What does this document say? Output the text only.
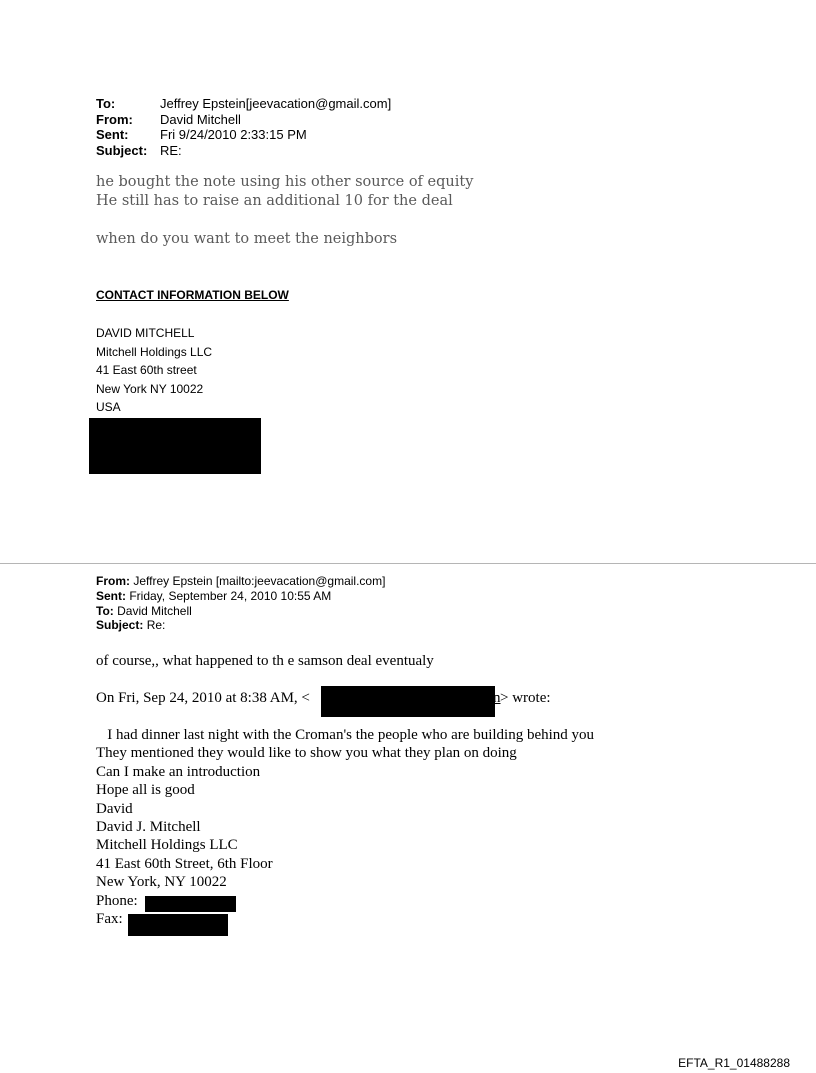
To:	Jeffrey Epstein[jeevacation@gmail.com]
From:	David Mitchell
Sent:	Fri 9/24/2010 2:33:15 PM
Subject: RE:
he bought the note using his other source of equity
He still has to raise an additional 10 for the deal
when do you want to meet the neighbors
CONTACT INFORMATION BELOW
DAVID MITCHELL
Mitchell Holdings LLC
41 East 60th street
New York NY 10022
USA
From: Jeffrey Epstein [mailto:jeevacation@gmail.com]
Sent: Friday, September 24, 2010 10:55 AM
To: David Mitchell
Subject: Re:
of course,, what happened to th e samson deal eventualy
On Fri, Sep 24, 2010 at 8:38 AM, <	n > wrote:
I had dinner last night with the Croman's the people who are building behind you
They mentioned they would like to show you what they plan on doing
Can I make an introduction
Hope all is good
David
David J. Mitchell
Mitchell Holdings LLC
41 East 60th Street, 6th Floor
New York, NY 10022
Phone:
Fax:
EFTA_R1_01488288
